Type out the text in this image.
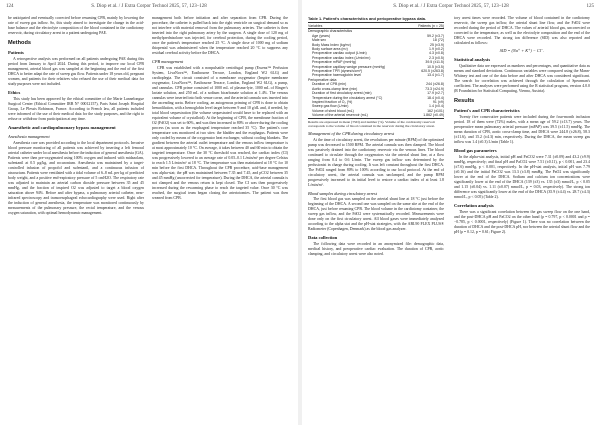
124	S. Diop et al. / J Extra Corpor Technol 2025, 57, 123–128

be anticipated and eventually corrected before resuming CPB, mainly by lowering the rate of sweep gas inflow. So, this study aimed to investigate the change in the acid-base balance and the electrolyte composition of the blood contained in the cardiotomy reservoir, during circulatory arrest in a patient undergoing PAE.

Methods
Patients

A retrospective analysis was performed on all patients undergoing PAE during this period from January to April 2024. During this period, to improve our local CPB management, arterial blood gas was sampled at the beginning and the end of the first DHCA to better adapt the rate of sweep gas flow. Patients under 18 years old, pregnant women, and patients for their relatives who refused the use of their medical data for study purposes were not included.

Ethics

This study has been approved by the ethical committee of the Marie Lannelongue Surgical Center (Ethical Committee IRB N° 00012157), Paris Saint Joseph Hospital Group, Le Plessis Robinson, France. According to French law, all patients included were informed of the use of their medical data for the study purposes, and the right to refuse or withdraw from participation at any time.

Anaesthetic and cardiopulmonary bypass management
Anesthesia management

Anesthesia care was provided according to the local department protocols. Invasive blood pressure monitoring of all patients was achieved by inserting a left femoral arterial catheter under local anesthesia before the induction of general anesthesia (GA). Patients were then pre-oxygenated using 100% oxygen and induced with midazolam, sufentanil at 0.5 µg/kg, and rocuronium. Anesthesia was maintained by a target-controlled infusion of propofol and sufentanil, and a continuous infusion of atracurium. Patients were ventilated with a tidal volume of 6–8 mL per kg of predicted body weight, and a positive end-expiratory pressure of 5 cmH2O. The respiratory rate was adjusted to maintain an arterial carbon dioxide pressure between 35 and 45 mmHg, and the fraction of inspired O2 was adjusted to target a blood oxygen saturation above 94%. Before and after bypass, a pulmonary arterial catheter, near-infrared spectroscopy and transoesophageal echocardiography were used. Right after the induction of general anesthesia, the temperature was monitored continuously by measurements of the pulmonary pressure, the rectal temperature, and the venous oxygen saturation, with optimal hemodynamic management.

management both before initiation and after separation from CPB. During the procedure, the catheter is pulled back into the right ventricle on surgical demand so as not interfere with material removal from the pulmonary arteries. The catheter is then inserted into the right pulmonary artery by the surgeon. A single dose of 120 mg of methylprednisolone was injected, for cerebral protection, during the cooling period, once the patient's temperature reached 25 °C. A single dose of 1000 mg of sodium thiopental was administered when the temperature reached 20 °C to suppress any residual cerebral activity before the DHCA.

CPB management

CPB was established with a nonpulsatile centrifugal pump (Essenz™ Perfusion System, LivaNova™, Eastbourne Terrace, London, England W2 6LG) and cardioplegia. The circuit consisted of a membrane oxygenator (Inspire membrane oxygenator, LivaNova™, Eastbourne Terrace, London, England W2 6LG), a pump, and cannulas. CPB prime consisted of 1000 mL of plasma-lyte, 1000 mL of Ringer's lactate solution, and 250 mL of a sodium bicarbonate solution at 1.4%. The venous cannulas were inserted into both venae cavae, and the arterial cannula was inserted into the ascending aorta. Before cooling, an autogenous priming of CPB is done to obtain hemodilution, with a hemoglobin level target between 9 and 10 g/dL and, if needed, by total blood sequestration (the volume sequestrated would have to be replaced with an equivalent volume of crystalloid). At the beginning of CPB, the membrane fraction of O2 (FdO2) was set to 60%, and was then increased to 80% or above during the cooling process (as soon as the esophageal temperature reached 35 °C). The patient's core temperature was monitored at two sites: the bladder and the esophagus. Patients were only cooled by means of the oxygenator heat exchanger, without cooling blankets. The gradient between the arterial outlet temperature and the venous inflow temperature is at most approximately 10 °C. On average, it takes between 40 and 60 min to obtain the targeted temperature. Once the 30 °C threshold was reached, the cardiac index (CI) was progressively lowered to an average rate of 0.05–0.1 L/min/m² per degree Celsius to reach 1.5 L/min/m² at 18 °C. The temperature was then maintained at 18 °C for 10 min before the first DHCA. Throughout the CPB procedure, acid-base management was alpha-stat; the pH was maintained between 7.35 and 7.45, and pCO2 between 35 and 45 mmHg (uncorrected for temperature). During the DHCA, the arterial cannula is not clamped and the venous return is kept closed. The CI was then progressively increased during the rewarming phase to reach the targeted value. Once 30 °C was reached, the surgical team began closing the arteriotomies. The patient was then weaned from CPB.

S. Diop et al. / J Extra Corpor Technol 2025, 57, 123–128	125
Table 1. Patient's characteristics and perioperative bypass data.
Variables	Patients (n = 25)
Demographic characteristics	
Age (years)	59.2 (±3.7)
Male sex	18 (72)
Body Mass Index (kg/m²)	25 (±3.9)
Body surface area (m²)	1.9 (±0.2)
Preoperative cardiac output (L/min)	4.3 (±0.8)
Preoperative cardiac index (L/min/m²)	2.3 (±0.5)
Preoperative mPAP (mmHg)	39.5 (±11.5)
Preoperative capillary wedge pressure (mmHg)	10.5 (±3.5)
Preoperative TPR (dynes/s/cm⁵)	620.5 (±263.8)
Preoperative haemoglobin level	13.4 (±1.7)
Perioperative data	
Duration of CPB (min)	244 (±26.8)
Aortic cross-clamp time (min)	73.3 (±24.9)
Duration of first circulatory arrest (min)	17.9 (±2.7)
Temperature during the circulatory arrest (°C)	18.4 (±0.4)
Inspired fraction of O₂ (%)	91 (±9)
Sweep gas flow (L/min)	1.4 (±0.4)
Volume of shed blood (mL)	162 (±101)
Volume of the arterial reservoir (mL)	1.862 (±0.49)
Results are expressed in mean (±SD) and number (%). Volume of the cardiotomy reservoir corresponds to the volume of blood contained in the reservoir during the circulatory arrest.
Management of the CPB during circulatory arrest

At the time of circulatory arrest, the revolutions per minute (RPM) of the optimized pump was decreased to 1500 RPM. The arterial cannula was then clamped. The blood was passively drained into the cardiotomy reservoir via the venous lines. The blood continued to circulate through the oxygenators via the arterial shunt line, at a flow ranging from 0.4 to 0.6 L/min. The sweep gas inflow was determined by the perfusionist in charge during cooling. It was left constant throughout the first DHCA. The FdO2 ranged from 80% to 100% according to our local protocol. At the end of circulatory arrest, the arterial cannula was unclamped, and the pump RPM progressively increased to its initial level to restore a cardiac index of at least 1.8 L/min/m².

Blood samples during circulatory arrest

The first blood gas was sampled on the arterial shunt line at 18 °C just before the beginning of the DHCA. A second one was sampled on the same site at the end of the DHCA, just before resuming CPB. The blood volume in the cardiotomy container, the sweep gas inflow, and the FdO2 were systematically recorded. Measurements were done only on the first circulatory arrest. All blood gases were immediately analyzed according to the alpha stat and the pH-stat strategies, with the ABL90 FLEX PLUS® Radiometer (Copenhagen, Denmark) as the blood gas analyzer.

Data collection

The following data were recorded in an anonymized file: demographic data, medical history, and preoperative cardiac evaluation. The duration of CPB, aortic clamping, and circulatory arrest were also noted.

tory arrest times were recorded. The volume of blood contained in the cardiotomy reservoir, the sweep gas inflow, the arterial shunt line flow, and the FdO2 were recorded during the period of DHCA. The values of arterial blood gas, uncorrected or corrected to the temperature, as well as the electrolyte composition and the end of the DHCA were recorded. The strong ion difference (SID) was also reported and calculated as follows:

SID = (Na⁺ + K⁺) − Cl⁻.
Statistical analysis

Qualitative data are expressed as numbers and percentages, and quantitative data as means and standard deviations. Continuous variables were compared using the Mann-Whitney test and one of the data before and after DHCA was considered significant. The search for correlation was achieved through the calculation of Spearman's coefficient. The analyses were performed using the R statistical program, version 4.0.0 (R Foundation for Statistical Computing, Vienna, Austria).

Results
Patient's and CPB characteristics

Twenty five consecutive patients were included during the four-month inclusion period. 18 of them were (72%) males, with a mean age of 59.2 (±13.7) years. The preoperative mean pulmonary arterial pressure (mPAP) was 39.5 (±11.5) mmHg. The mean duration of CPB, aortic cross-clamp time, and DHCA were 244.8 (±26.8), 58.3 (±11.6), and 15.2 (±4.3) min, respectively. During the DHCA, the mean sweep gas inflow was 1.4 (±0.3) L/min (Table 1).

Blood gas parameters

In the alpha-stat analysis, initial pH and PaCO2 were 7.31 (±0.09) and 43.2 (±9.9) mmHg, respectively; and final pH and PaCO2 were 7.51 (±0.11), p < 0.001, and 23.4 (±7.6) mmHg, p < 0.001, respectively. In the pH-stat analysis, initial pH was 7.79 (±0.16) and the initial PaCO2 was 13.3 (±3.8) mmHg. The PaO2 was significantly lower at the end of the DHCA. Sodium and calcium ion concentrations were significantly lower at the end of the DHCA (139 (±3) vs. 135 (±3) mmol/L, p < 0.05 and 1.15 (±0.04) vs. 1.11 (±0.07) mmol/L, p = 0.03, respectively). The strong ion difference was significantly lower at the end of the DHCA (35.9 (±4.4) vs. 28.7 (±4.3) mmol/L, p < 0.05) (Table 2).

Correlation analysis

There was a significant correlation between the gas sweep flow on the one hand, and the post-DHCA pH and PaCO2 on the other hand (ρ = 0.797, p < 0.0001 and ρ = −0.785, p < 0.0001, respectively) (Figure 1). There was no correlation between the duration of DHCA and the post-DHCA pH, nor between the arterial shunt flow and the pH (ρ = 0.12, p = 0.61; Figure 2).
